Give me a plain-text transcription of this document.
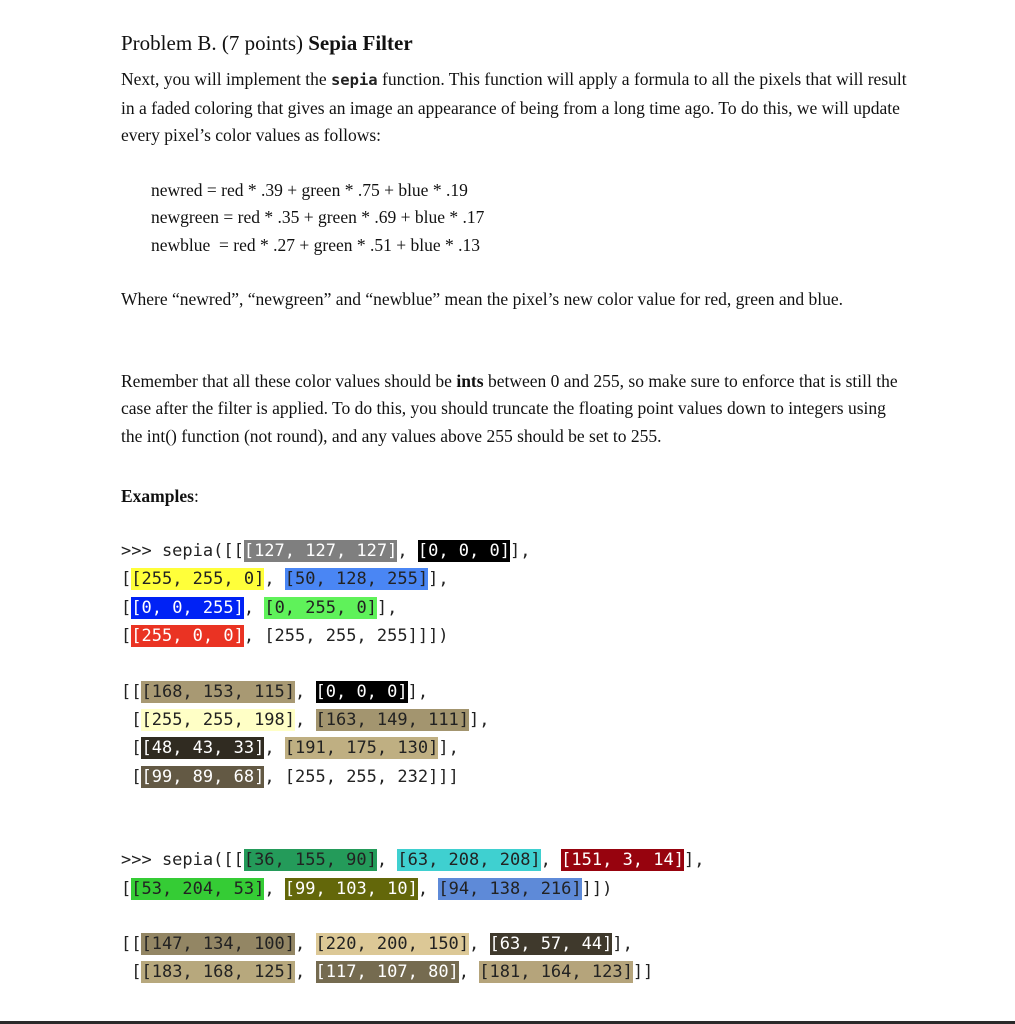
Problem B. (7 points) Sepia Filter

Next, you will implement the sepia function. This function will apply a formula to all the pixels that will result in a faded coloring that gives an image an appearance of being from a long time ago. To do this, we will update every pixel’s color values as follows:

newred = red * .39 + green * .75 + blue * .19
newgreen = red * .35 + green * .69 + blue * .17
newblue  = red * .27 + green * .51 + blue * .13

Where “newred”, “newgreen” and “newblue” mean the pixel’s new color value for red, green and blue.

Remember that all these color values should be ints between 0 and 255, so make sure to enforce that is still the case after the filter is applied. To do this, you should truncate the floating point values down to integers using the int() function (not round), and any values above 255 should be set to 255.

Examples:
>>> sepia([[[127, 127, 127], [0, 0, 0]],
[[255, 255, 0], [50, 128, 255]],
[[0, 0, 255], [0, 255, 0]],
[[255, 0, 0], [255, 255, 255]]])
[[[168, 153, 115], [0, 0, 0]],
[[255, 255, 198], [163, 149, 111]],
[[48, 43, 33], [191, 175, 130]],
[[99, 89, 68], [255, 255, 232]]]
>>> sepia([[[36, 155, 90], [63, 208, 208], [151, 3, 14]],
[[53, 204, 53], [99, 103, 10], [94, 138, 216]]])
[[[147, 134, 100], [220, 200, 150], [63, 57, 44]],
[[183, 168, 125], [117, 107, 80], [181, 164, 123]]]
